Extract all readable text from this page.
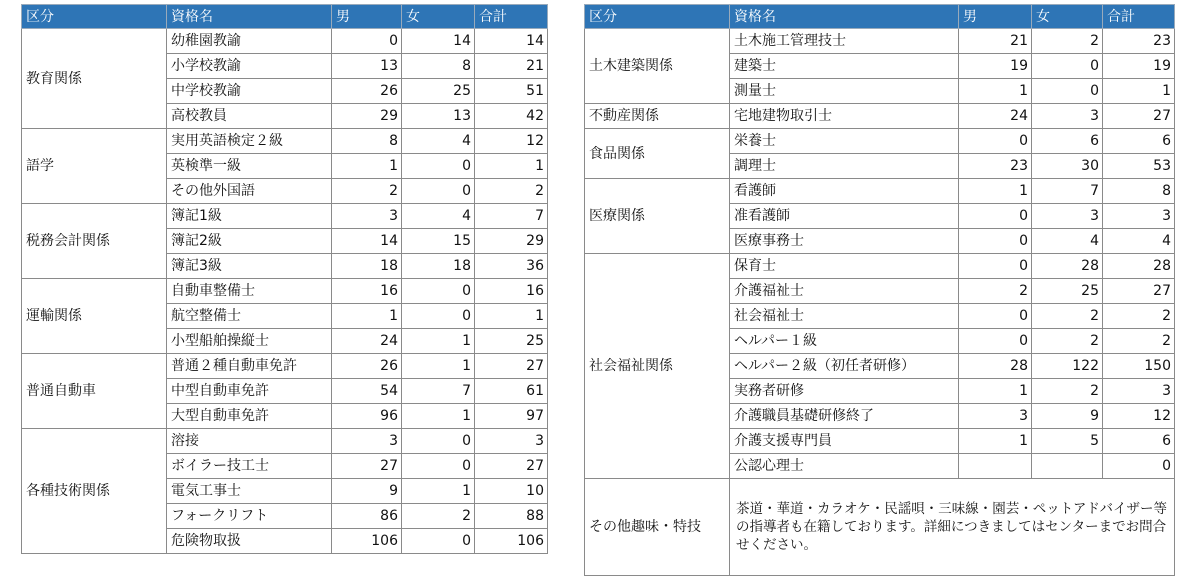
区分	資格名	男	女	合計
教育関係	幼稚園教諭	0	14	14
	小学校教諭	13	8	21
	中学校教諭	26	25	51
	高校教員	29	13	42
語学	実用英語検定２級	8	4	12
	英検準一級	1	0	1
	その他外国語	2	0	2
税務会計関係	簿記1級	3	4	7
	簿記2級	14	15	29
	簿記3級	18	18	36
運輸関係	自動車整備士	16	0	16
	航空整備士	1	0	1
	小型船舶操縦士	24	1	25
普通自動車	普通２種自動車免許	26	1	27
	中型自動車免許	54	7	61
	大型自動車免許	96	1	97
各種技術関係	溶接	3	0	3
	ボイラー技工士	27	0	27
	電気工事士	9	1	10
	フォークリフト	86	2	88
	危険物取扱	106	0	106
区分	資格名	男	女	合計
土木建築関係	土木施工管理技士	21	2	23
	建築士	19	0	19
	測量士	1	0	1
不動産関係	宅地建物取引士	24	3	27
食品関係	栄養士	0	6	6
	調理士	23	30	53
医療関係	看護師	1	7	8
	准看護師	0	3	3
	医療事務士	0	4	4
社会福祉関係	保育士	0	28	28
	介護福祉士	2	25	27
	社会福祉士	0	2	2
	ヘルパー１級	0	2	2
	ヘルパー２級（初任者研修）	28	122	150
	実務者研修	1	2	3
	介護職員基礎研修終了	3	9	12
	介護支援専門員	1	5	6
	公認心理士			0
その他趣味・特技	茶道・華道・カラオケ・民謡唄・三味線・園芸・ペットアドバイザー等の指導者も在籍しております。詳細につきましてはセンターまでお問合せください。			
